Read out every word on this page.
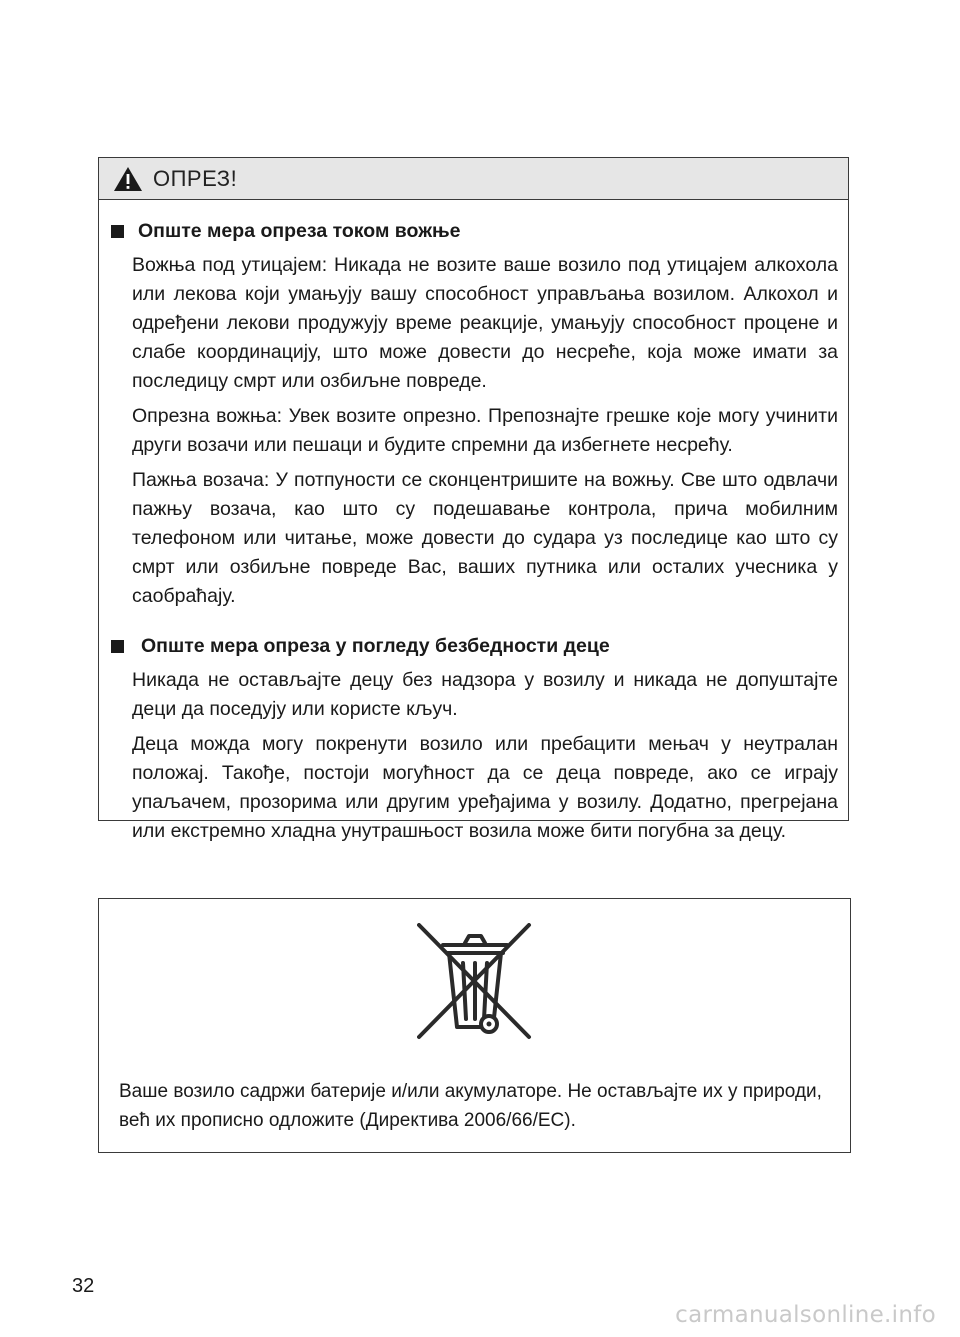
ОПРЕЗ!
Опште мера опреза током вожње

Вожња под утицајем: Никада не возите ваше возило под утицајем алкохола или лекова који умањују вашу способност управљања возилом. Алкохол и одређени лекови продужују време реакције, умањују способност процене и слабе координацију, што може довести до несреће, која може имати за последицу смрт или озбиљне повреде.

Опрезна вожња: Увек возите опрезно. Препознајте грешке које могу учинити други возачи или пешаци и будите спремни да избегнете несрећу.

Пажња возача: У потпуности се сконцентришите на вожњу. Све што одвлачи пажњу возача, као што су подешавање контрола, прича мобилним телефоном или читање, може довести до судара уз последице као што су смрт или озбиљне повреде Вас, ваших путника или осталих учесника у саобраћају.

Опште мера опреза у погледу безбедности деце

Никада не остављајте децу без надзора у возилу и никада не допуштајте деци да поседују или користе кључ.

Деца можда могу покренути возило или пребацити мењач у неутралан положај. Такође, постоји могућност да се деца повреде, ако се играју упаљачем, прозорима или другим уређајима у возилу. Додатно, прегрејана или екстремно хладна унутрашњост возила може бити погубна за децу.

Ваше возило садржи батерије и/или акумулаторе. Не остављајте их у природи, већ их прописно одложите (Директива 2006/66/EC).
32
carmanualsonline.info
